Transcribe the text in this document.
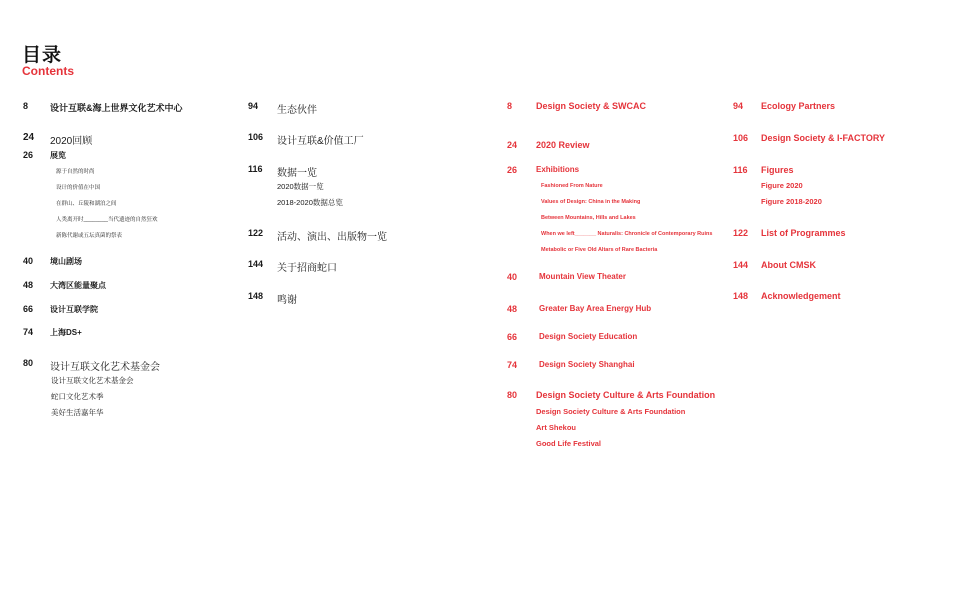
目录
Contents
8 设计互联&海上世界文化艺术中心
24 2020回顾
26 展览
源于自然的时尚
设计的价值在中国
在群山、丘陵和湖泊之间
人类离开时________当代遗迹的自然狂欢
新陈代谢或五坛真菌的祭表
40 境山剧场
48 大湾区能量聚点
66 设计互联学院
74 上海DS+
80 设计互联文化艺术基金会
设计互联文化艺术基金会
蛇口文化艺术季
美好生活嘉年华
94 生态伙伴
106 设计互联&价值工厂
116 数据一览
2020数据一览
2018-2020数据总览
122 活动、演出、出版物一览
144 关于招商蛇口
148 鸣谢
8	Design Society & SWCAC
24 2020 Review
26 Exhibitions
Fashioned From Nature
Values of Design: China in the Making
Between Mountains, Hills and Lakes
When we left_______ Naturalis: Chronicle of Contemporary Ruins
Metabolic or Five Old Altars of Rare Bacteria
40	Mountain View Theater
48	Greater Bay Area Energy Hub
66	Design Society Education
74	Design Society Shanghai
80 Design Society Culture & Arts Foundation
Design Society Culture & Arts Foundation
Art Shekou
Good Life Festival
94 Ecology Partners
106 Design Society & I-FACTORY
116 Figures
Figure 2020
Figure 2018-2020
122 List of Programmes
144 About CMSK
148 Acknowledgement
